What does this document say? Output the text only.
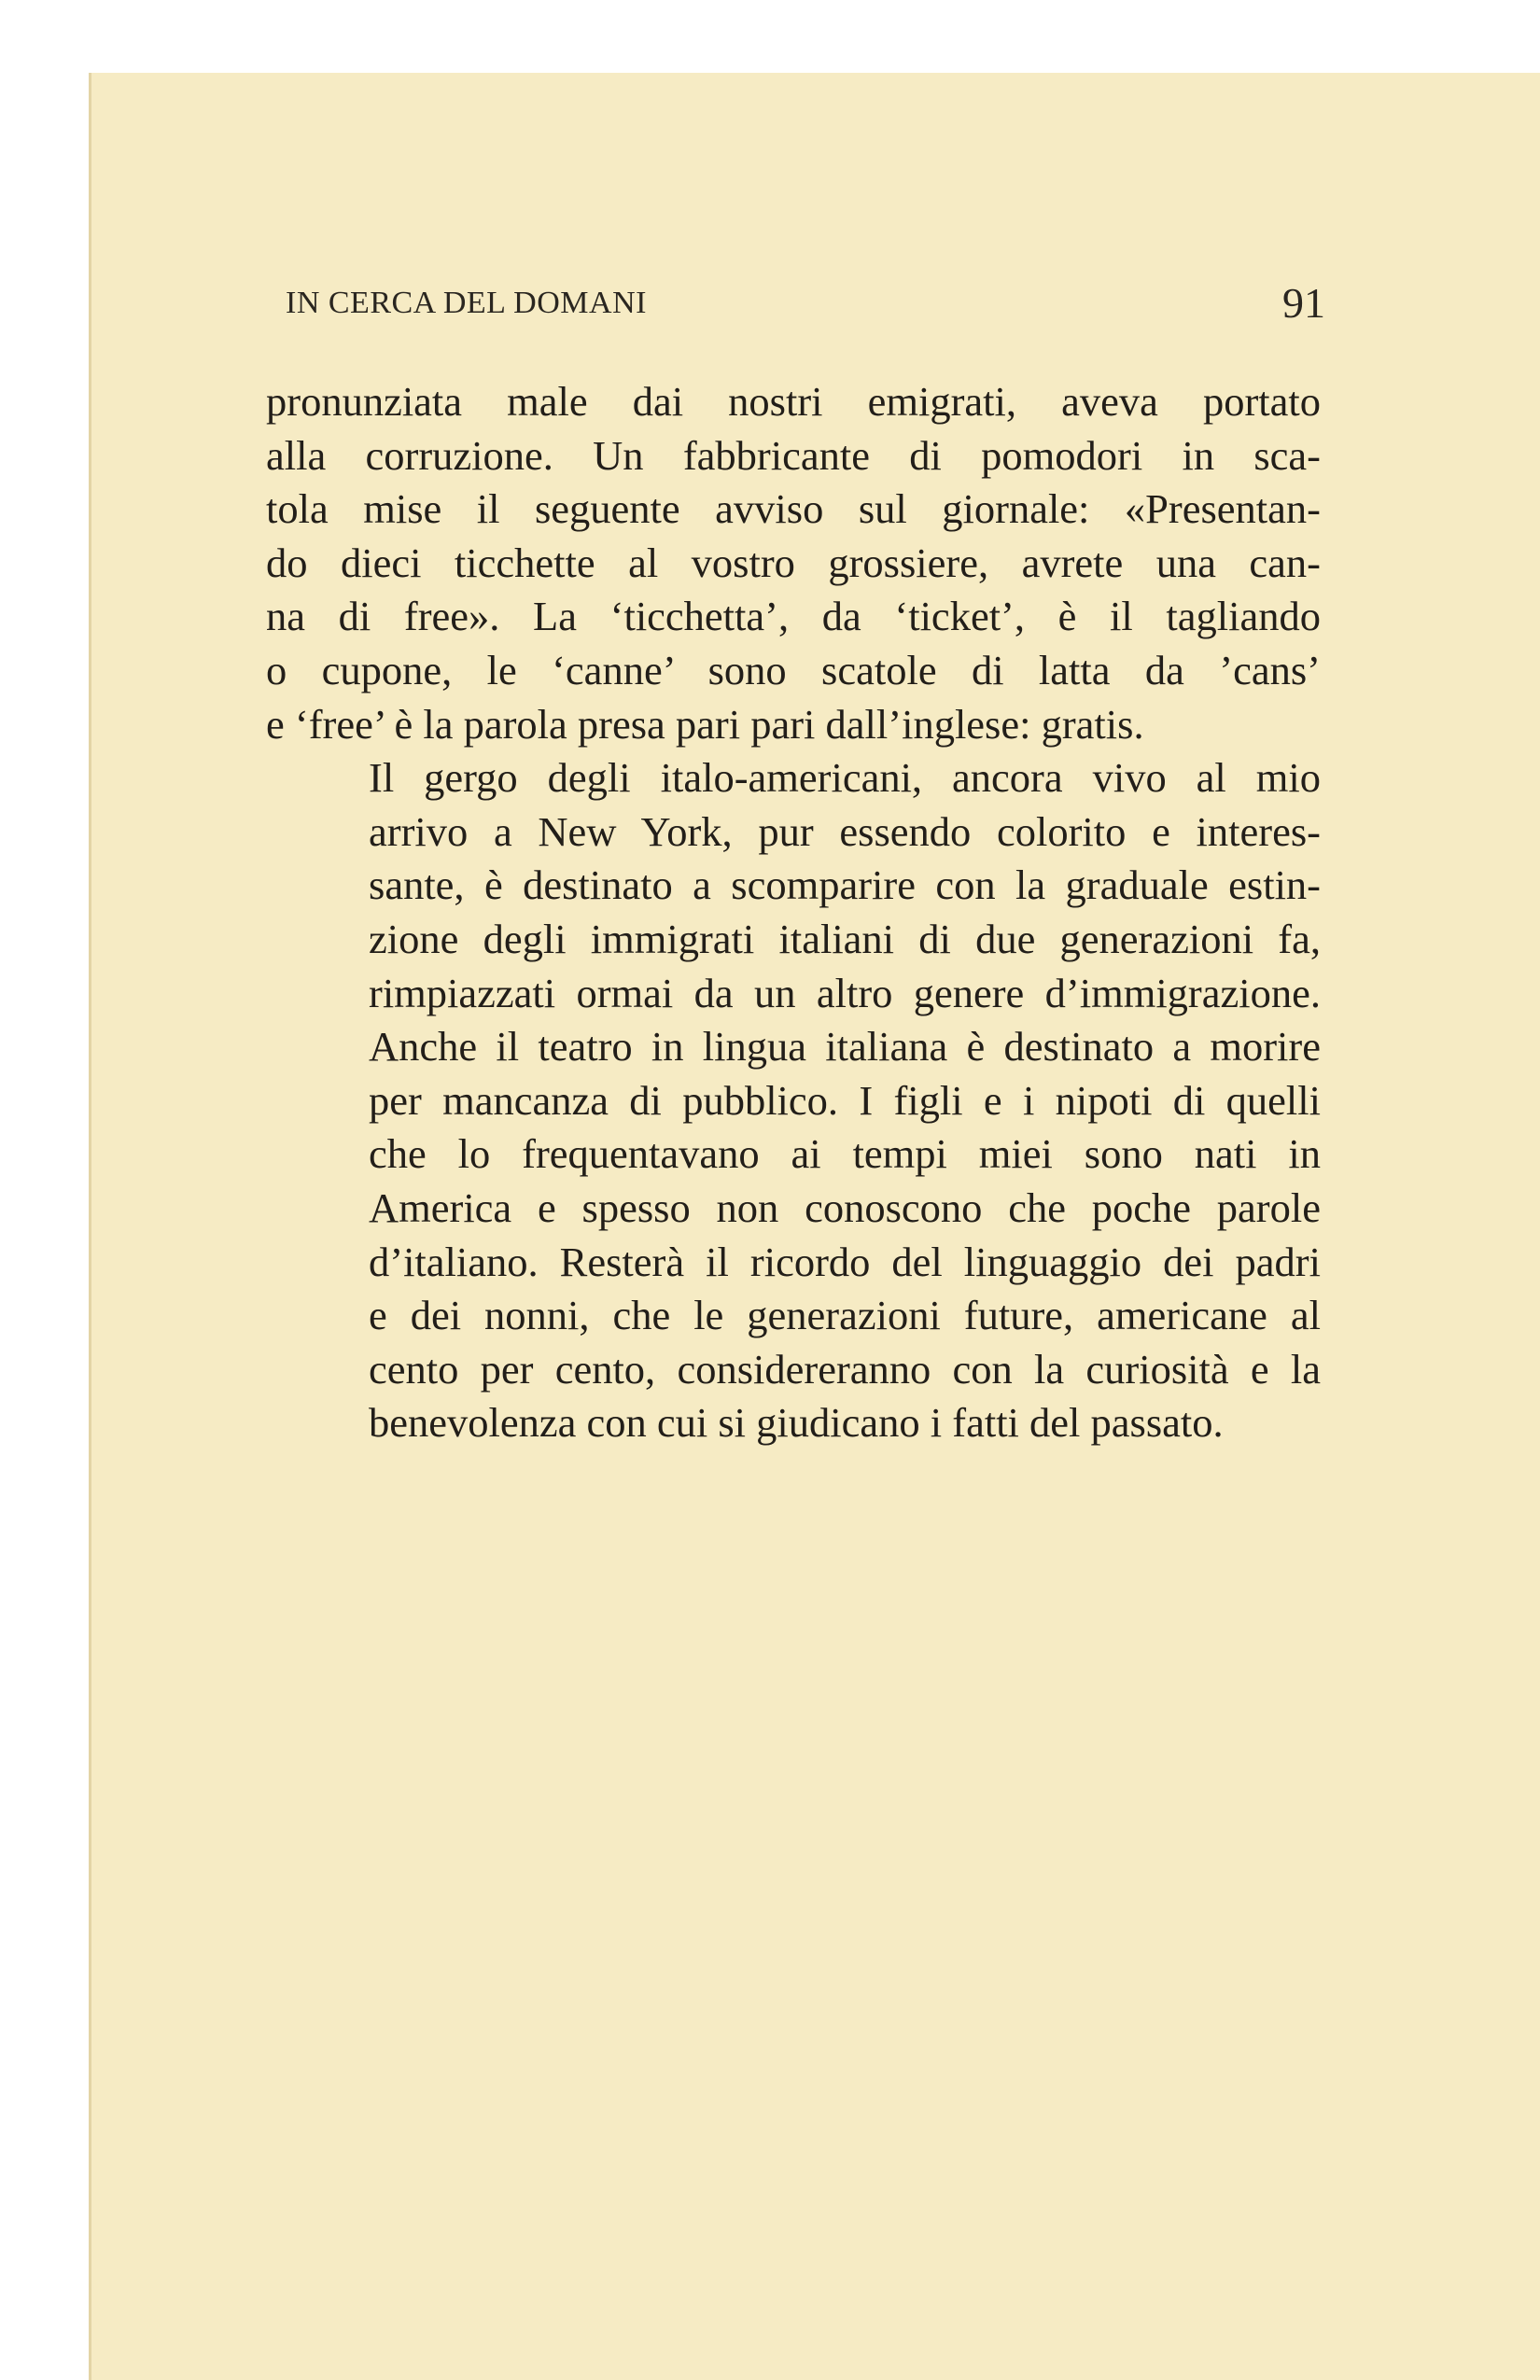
IN CERCA DEL DOMANI	91

pronunziata male dai nostri emigrati, aveva portato
alla corruzione. Un fabbricante di pomodori in sca-
tola mise il seguente avviso sul giornale: «Presentan-
do dieci ticchette al vostro grossiere, avrete una can-
na di free». La ‘ticchetta’, da ‘ticket’, è il tagliando
o cupone, le ‘canne’ sono scatole di latta da ’cans’
e ‘free’ è la parola presa pari pari dall’inglese: gratis.

Il gergo degli italo-americani, ancora vivo al mio
arrivo a New York, pur essendo colorito e interes-
sante, è destinato a scomparire con la graduale estin-
zione degli immigrati italiani di due generazioni fa,
rimpiazzati ormai da un altro genere d’immigrazione.
Anche il teatro in lingua italiana è destinato a morire
per mancanza di pubblico. I figli e i nipoti di quelli
che lo frequentavano ai tempi miei sono nati in
America e spesso non conoscono che poche parole
d’italiano. Resterà il ricordo del linguaggio dei padri
e dei nonni, che le generazioni future, americane al
cento per cento, considereranno con la curiosità e la
benevolenza con cui si giudicano i fatti del passato.
